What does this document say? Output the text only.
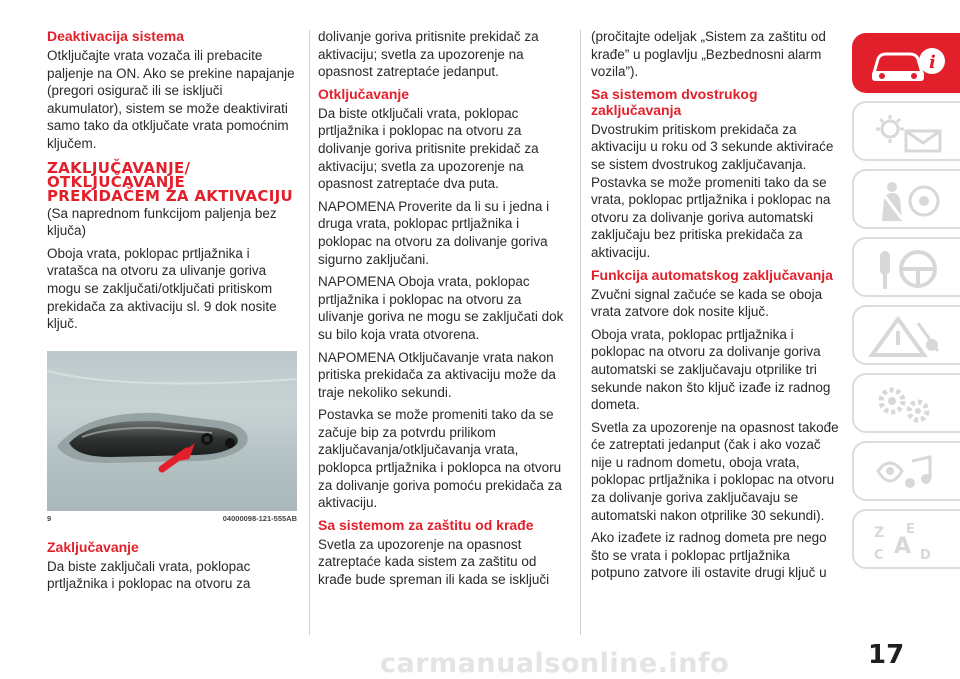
Deaktivacija sistema

Otključajte vrata vozača ili prebacite paljenje na ON. Ako se prekine napajanje (pregori osigurač ili se isključi akumulator), sistem se može deaktivirati samo tako da otključate vrata pomoćnim ključem.

ZAKLJUČAVANJE/ OTKLJUČAVANJE PREKIDAČEM ZA AKTIVACIJU

(Sa naprednom funkcijom paljenja bez ključa)

Oboja vrata, poklopac prtljažnika i vratašca na otvoru za ulivanje goriva mogu se zaključati/otključati pritiskom prekidača za aktivaciju sl. 9 dok nosite ključ.

9	04000098-121-555AB
Zaključavanje

Da biste zaključali vrata, poklopac prtljažnika i poklopac na otvoru za

dolivanje goriva pritisnite prekidač za aktivaciju; svetla za upozorenje na opasnost zatreptaće jedanput.

Otključavanje

Da biste otključali vrata, poklopac prtljažnika i poklopac na otvoru za dolivanje goriva pritisnite prekidač za aktivaciju; svetla za upozorenje na opasnost zatreptaće dva puta.

NAPOMENA Proverite da li su i jedna i druga vrata, poklopac prtljažnika i poklopac na otvoru za dolivanje goriva sigurno zaključani.

NAPOMENA Oboja vrata, poklopac prtljažnika i poklopac na otvoru za ulivanje goriva ne mogu se zaključati dok su bilo koja vrata otvorena.

NAPOMENA Otključavanje vrata nakon pritiska prekidača za aktivaciju može da traje nekoliko sekundi.

Postavka se može promeniti tako da se začuje bip za potvrdu prilikom zaključavanja/otključavanja vrata, poklopca prtljažnika i poklopca na otvoru za dolivanje goriva pomoću prekidača za aktivaciju.

Sa sistemom za zaštitu od krađe

Svetla za upozorenje na opasnost zatreptaće kada sistem za zaštitu od krađe bude spreman ili kada se isključi

(pročitajte odeljak „Sistem za zaštitu od krađe” u poglavlju „Bezbednosni alarm vozila”).

Sa sistemom dvostrukog zaključavanja

Dvostrukim pritiskom prekidača za aktivaciju u roku od 3 sekunde aktiviraće se sistem dvostrukog zaključavanja. Postavka se može promeniti tako da se vrata, poklopac prtljažnika i poklopac na otvoru za dolivanje goriva automatski zaključaju bez pritiska prekidača za aktivaciju.

Funkcija automatskog zaključavanja

Zvučni signal začuće se kada se oboja vrata zatvore dok nosite ključ.

Oboja vrata, poklopac prtljažnika i poklopac na otvoru za dolivanje goriva automatski se zaključavaju otprilike tri sekunde nakon što ključ izađe iz radnog dometa.

Svetla za upozorenje na opasnost takođe će zatreptati jedanput (čak i ako vozač nije u radnom dometu, oboja vrata, poklopac prtljažnika i poklopac na otvoru za dolivanje goriva zaključavaju se automatski nakon otprilike 30 sekundi).

Ako izađete iz radnog dometa pre nego što se vrata i poklopac prtljažnika potpuno zatvore ili ostavite drugi ključ u

i
Z E
A
C	D
carmanualsonline.info	17
